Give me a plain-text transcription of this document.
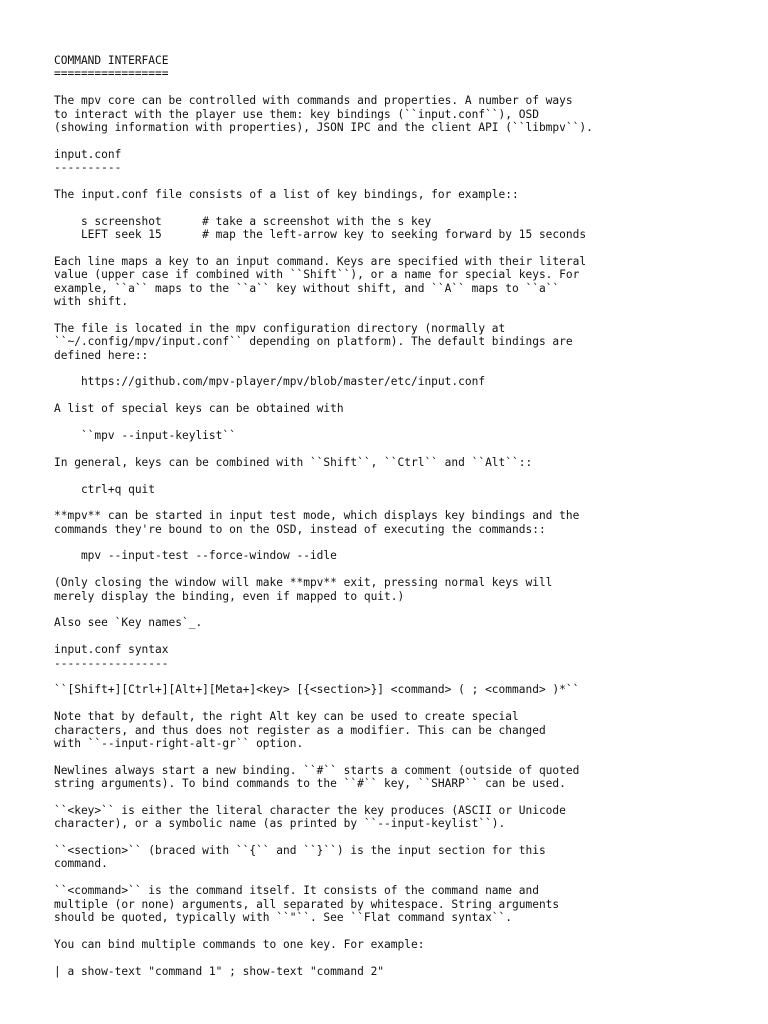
COMMAND INTERFACE
=================
The mpv core can be controlled with commands and properties. A number of ways
to interact with the player use them: key bindings (``input.conf``), OSD
(showing information with properties), JSON IPC and the client API (``libmpv``).
input.conf
----------
The input.conf file consists of a list of key bindings, for example::
s screenshot      # take a screenshot with the s key
LEFT seek 15      # map the left-arrow key to seeking forward by 15 seconds
Each line maps a key to an input command. Keys are specified with their literal
value (upper case if combined with ``Shift``), or a name for special keys. For
example, ``a`` maps to the ``a`` key without shift, and ``A`` maps to ``a``
with shift.
The file is located in the mpv configuration directory (normally at
``~/.config/mpv/input.conf`` depending on platform). The default bindings are
defined here::
https://github.com/mpv-player/mpv/blob/master/etc/input.conf
A list of special keys can be obtained with
``mpv --input-keylist``
In general, keys can be combined with ``Shift``, ``Ctrl`` and ``Alt``::
ctrl+q quit
**mpv** can be started in input test mode, which displays key bindings and the
commands they're bound to on the OSD, instead of executing the commands::
mpv --input-test --force-window --idle
(Only closing the window will make **mpv** exit, pressing normal keys will
merely display the binding, even if mapped to quit.)
Also see `Key names`_.
input.conf syntax
-----------------
``[Shift+][Ctrl+][Alt+][Meta+]<key> [{<section>}] <command> ( ; <command> )*``
Note that by default, the right Alt key can be used to create special
characters, and thus does not register as a modifier. This can be changed
with ``--input-right-alt-gr`` option.
Newlines always start a new binding. ``#`` starts a comment (outside of quoted
string arguments). To bind commands to the ``#`` key, ``SHARP`` can be used.
``<key>`` is either the literal character the key produces (ASCII or Unicode
character), or a symbolic name (as printed by ``--input-keylist``).
``<section>`` (braced with ``{`` and ``}``) is the input section for this
command.
``<command>`` is the command itself. It consists of the command name and
multiple (or none) arguments, all separated by whitespace. String arguments
should be quoted, typically with ``"``. See ``Flat command syntax``.
You can bind multiple commands to one key. For example:
| a show-text "command 1" ; show-text "command 2"
